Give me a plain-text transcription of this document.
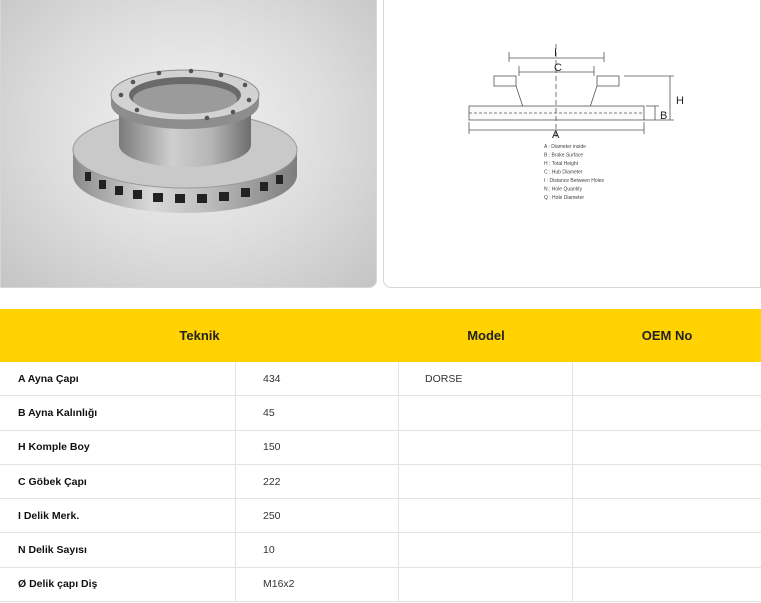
I
C
H
B
A
A : Diameter inside
B : Brake Surface
H : Total Height
C : Hub Diameter
I : Distance Between Holes
N : Hole Quantity
Q : Hole Diameter
Teknik	Model	OEM No
A Ayna Çapı	434	DORSE
B Ayna Kalınlığı	45
H Komple Boy	150
C Göbek Çapı	222
I Delik Merk.	250
N Delik Sayısı	10
Ø Delik çapı Diş	M16x2
